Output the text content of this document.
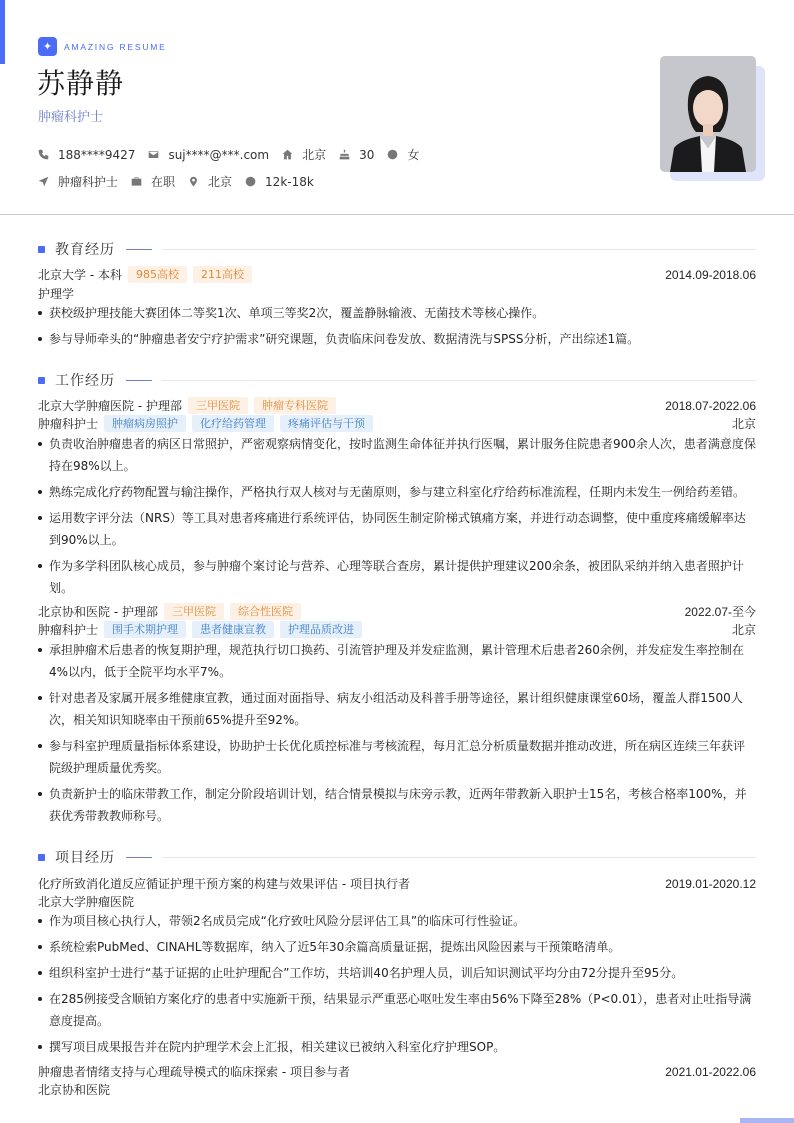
✦	AMAZING RESUME
苏静静
肿瘤科护士
188****9427	suj****@***.com	北京	30	女
肿瘤科护士	在职	北京	12k-18k
教育经历
北京大学 - 本科	985高校	211高校	2014.09-2018.06
护理学
获校级护理技能大赛团体二等奖1次、单项三等奖2次，覆盖静脉输液、无菌技术等核心操作。
参与导师牵头的“肿瘤患者安宁疗护需求”研究课题，负责临床问卷发放、数据清洗与SPSS分析，产出综述1篇。
工作经历
北京大学肿瘤医院 - 护理部	三甲医院	肿瘤专科医院	2018.07-2022.06
肿瘤科护士	肿瘤病房照护	化疗给药管理	疼痛评估与干预	北京
负责收治肿瘤患者的病区日常照护，严密观察病情变化，按时监测生命体征并执行医嘱，累计服务住院患者900余人次，患者满意度保持在98%以上。
熟练完成化疗药物配置与输注操作，严格执行双人核对与无菌原则，参与建立科室化疗给药标准流程，任期内未发生一例给药差错。
运用数字评分法（NRS）等工具对患者疼痛进行系统评估，协同医生制定阶梯式镇痛方案，并进行动态调整，使中重度疼痛缓解率达到90%以上。
作为多学科团队核心成员，参与肿瘤个案讨论与营养、心理等联合查房，累计提供护理建议200余条，被团队采纳并纳入患者照护计划。
北京协和医院 - 护理部	三甲医院	综合性医院	2022.07-至今
肿瘤科护士	围手术期护理	患者健康宣教	护理品质改进	北京
承担肿瘤术后患者的恢复期护理，规范执行切口换药、引流管护理及并发症监测，累计管理术后患者260余例，并发症发生率控制在4%以内，低于全院平均水平7%。
针对患者及家属开展多维健康宣教，通过面对面指导、病友小组活动及科普手册等途径，累计组织健康课堂60场，覆盖人群1500人次，相关知识知晓率由干预前65%提升至92%。
参与科室护理质量指标体系建设，协助护士长优化质控标准与考核流程，每月汇总分析质量数据并推动改进，所在病区连续三年获评院级护理质量优秀奖。
负责新护士的临床带教工作，制定分阶段培训计划，结合情景模拟与床旁示教，近两年带教新入职护士15名，考核合格率100%，并获优秀带教教师称号。
项目经历
化疗所致消化道反应循证护理干预方案的构建与效果评估 - 项目执行者	2019.01-2020.12
北京大学肿瘤医院
作为项目核心执行人，带领2名成员完成“化疗致吐风险分层评估工具”的临床可行性验证。
系统检索PubMed、CINAHL等数据库，纳入了近5年30余篇高质量证据，提炼出风险因素与干预策略清单。
组织科室护士进行“基于证据的止吐护理配合”工作坊，共培训40名护理人员，训后知识测试平均分由72分提升至95分。
在285例接受含顺铂方案化疗的患者中实施新干预，结果显示严重恶心呕吐发生率由56%下降至28%（P<0.01），患者对止吐指导满意度提高。
撰写项目成果报告并在院内护理学术会上汇报，相关建议已被纳入科室化疗护理SOP。
肿瘤患者情绪支持与心理疏导模式的临床探索 - 项目参与者	2021.01-2022.06
北京协和医院
